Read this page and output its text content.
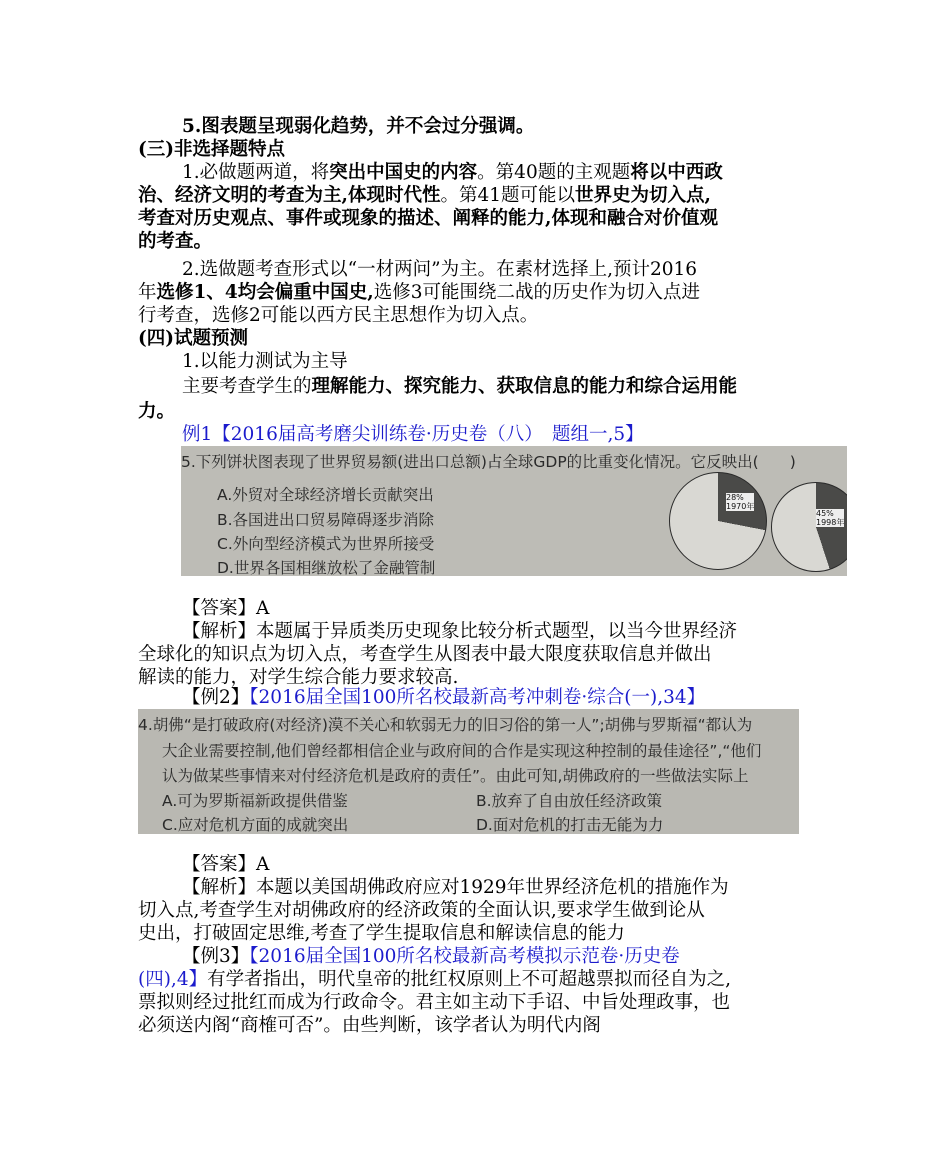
5.图表题呈现弱化趋势，并不会过分强调。
(三)非选择题特点
1.必做题两道，将突出中国史的内容。第40题的主观题将以中西政
治、经济文明的考查为主,体现时代性。第41题可能以世界史为切入点,
考查对历史观点、事件或现象的描述、阐释的能力,体现和融合对价值观
的考查。
2.选做题考查形式以“一材两问”为主。在素材选择上,预计2016
年选修1、4均会偏重中国史,选修3可能围绕二战的历史作为切入点进
行考查，选修2可能以西方民主思想作为切入点。
(四)试题预测
1.以能力测试为主导
主要考查学生的理解能力、探究能力、获取信息的能力和综合运用能
力。
例1【2016届高考磨尖训练卷·历史卷（八）　题组一,5】
5.下列饼状图表现了世界贸易额(进出口总额)占全球GDP的比重变化情况。它反映出(　　)
A.外贸对全球经济增长贡献突出
B.各国进出口贸易障碍逐步消除
C.外向型经济模式为世界所接受
D.世界各国相继放松了金融管制
28%
1970年
45%
1998年
【答案】A
【解析】本题属于异质类历史现象比较分析式题型，以当今世界经济
全球化的知识点为切入点，考查学生从图表中最大限度获取信息并做出
解读的能力，对学生综合能力要求较高.
【例2】【2016届全国100所名校最新高考冲刺卷·综合(一),34】
4.胡佛“是打破政府(对经济)漠不关心和软弱无力的旧习俗的第一人”;胡佛与罗斯福“都认为
大企业需要控制,他们曾经都相信企业与政府间的合作是实现这种控制的最佳途径”,“他们
认为做某些事情来对付经济危机是政府的责任”。由此可知,胡佛政府的一些做法实际上
A.可为罗斯福新政提供借鉴	B.放弃了自由放任经济政策
C.应对危机方面的成就突出	D.面对危机的打击无能为力
【答案】A
【解析】本题以美国胡佛政府应对1929年世界经济危机的措施作为
切入点,考查学生对胡佛政府的经济政策的全面认识,要求学生做到论从
史出，打破固定思维,考查了学生提取信息和解读信息的能力
【例3】【2016届全国100所名校最新高考模拟示范卷·历史卷
(四),4】有学者指出，明代皇帝的批红权原则上不可超越票拟而径自为之,
票拟则经过批红而成为行政命令。君主如主动下手诏、中旨处理政事，也
必须送内阁“商榷可否”。由些判断，该学者认为明代内阁
